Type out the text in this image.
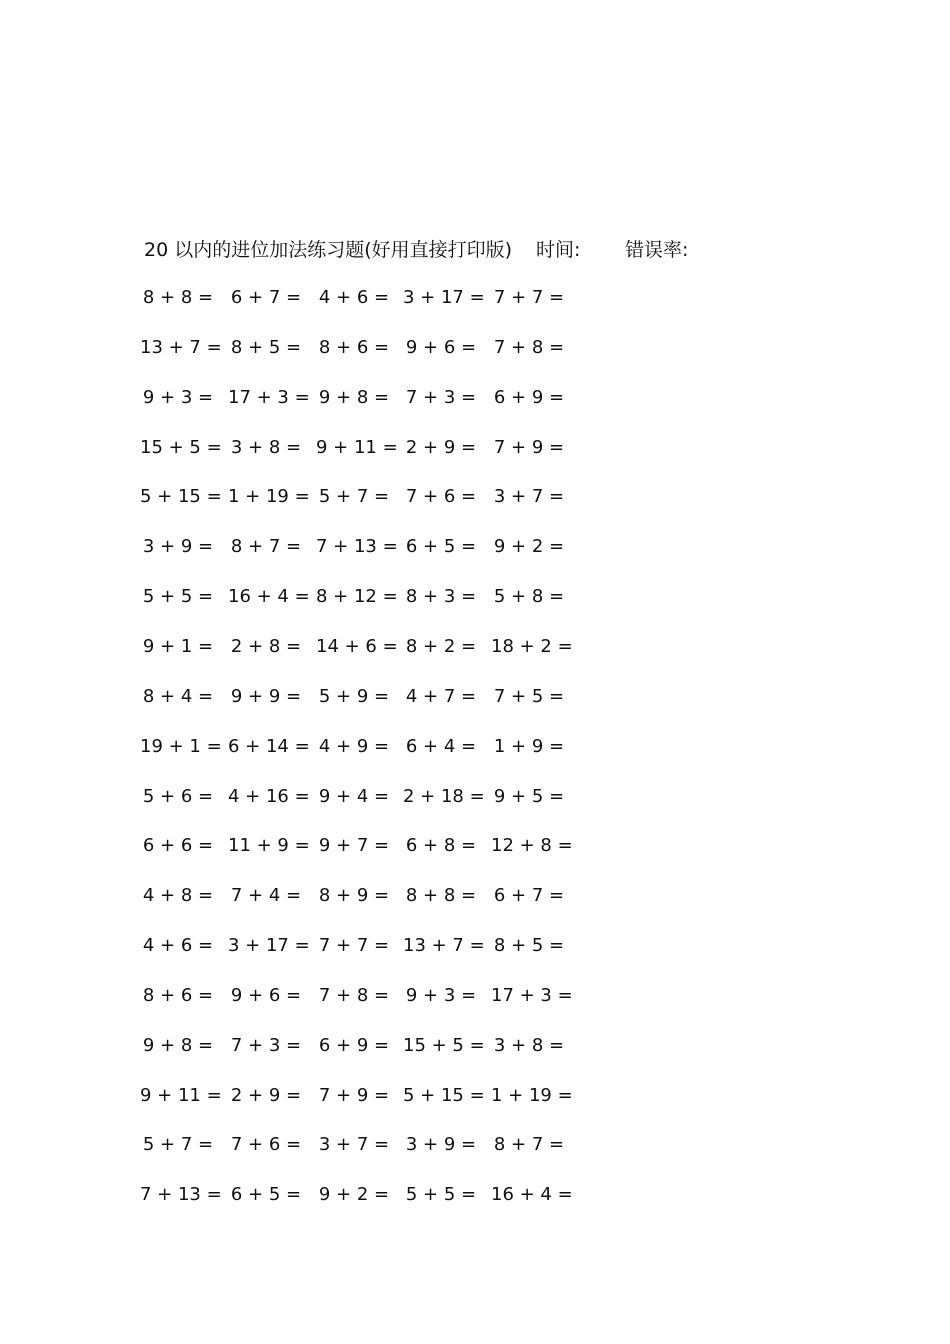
20 以内的进位加法练习题(好用直接打印版) 时间: 错误率:
8 + 8 = 6 + 7 = 4 + 6 = 3 + 17 = 7 + 7 =
13 + 7 = 8 + 5 = 8 + 6 = 9 + 6 = 7 + 8 =
9 + 3 = 17 + 3 = 9 + 8 = 7 + 3 = 6 + 9 =
15 + 5 = 3 + 8 = 9 + 11 = 2 + 9 = 7 + 9 =
5 + 15 = 1 + 19 = 5 + 7 = 7 + 6 = 3 + 7 =
3 + 9 = 8 + 7 = 7 + 13 = 6 + 5 = 9 + 2 =
5 + 5 = 16 + 4 = 8 + 12 = 8 + 3 = 5 + 8 =
9 + 1 = 2 + 8 = 14 + 6 = 8 + 2 = 18 + 2 =
8 + 4 = 9 + 9 = 5 + 9 = 4 + 7 = 7 + 5 =
19 + 1 = 6 + 14 = 4 + 9 = 6 + 4 = 1 + 9 =
5 + 6 = 4 + 16 = 9 + 4 = 2 + 18 = 9 + 5 =
6 + 6 = 11 + 9 = 9 + 7 = 6 + 8 = 12 + 8 =
4 + 8 = 7 + 4 = 8 + 9 = 8 + 8 = 6 + 7 =
4 + 6 = 3 + 17 = 7 + 7 = 13 + 7 = 8 + 5 =
8 + 6 = 9 + 6 = 7 + 8 = 9 + 3 = 17 + 3 =
9 + 8 = 7 + 3 = 6 + 9 = 15 + 5 = 3 + 8 =
9 + 11 = 2 + 9 = 7 + 9 = 5 + 15 = 1 + 19 =
5 + 7 = 7 + 6 = 3 + 7 = 3 + 9 = 8 + 7 =
7 + 13 = 6 + 5 = 9 + 2 = 5 + 5 = 16 + 4 =
